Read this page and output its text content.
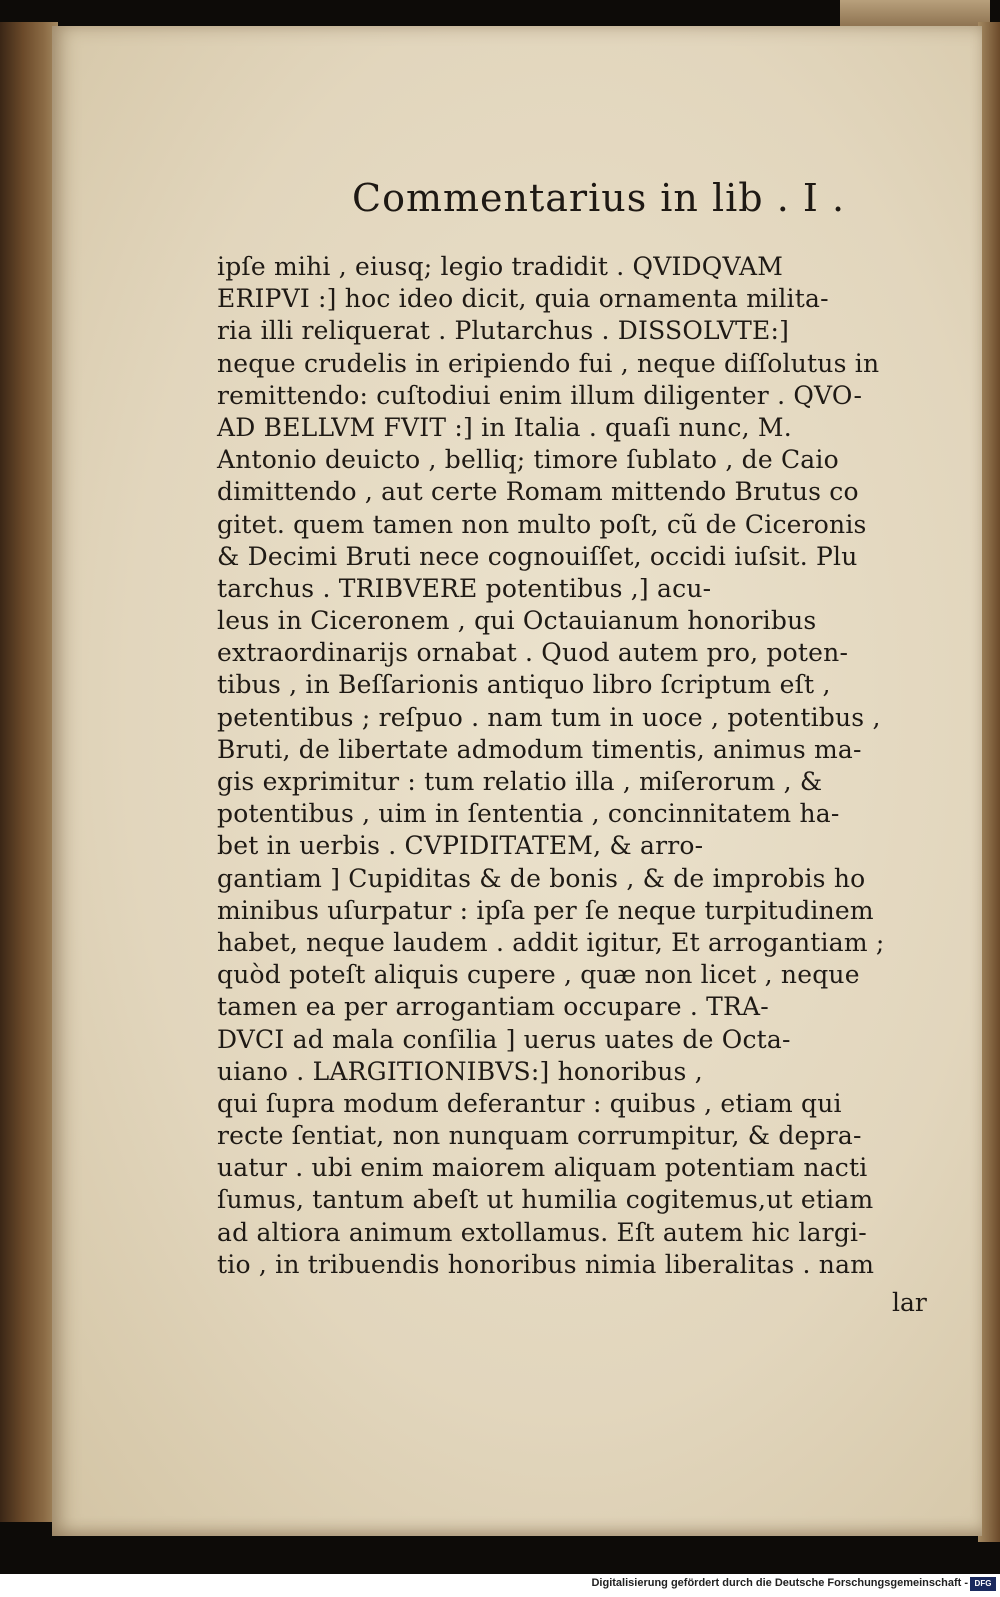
Commentarius in lib . I .
ipſe mihi , eiusq; legio tradidit . QVIDQVAM
ERIPVI :] hoc ideo dicit, quia ornamenta milita-
ria illi reliquerat . Plutarchus . DISSOLVTE:]
neque crudelis in eripiendo fui , neque diſſolutus in
remittendo: cuſtodiui enim illum diligenter . QVO-
AD BELLVM FVIT :] in Italia . quaſi nunc, M.
Antonio deuicto , belliq; timore ſublato , de Caio
dimittendo , aut certe Romam mittendo Brutus co
gitet. quem tamen non multo poſt, cũ de Ciceronis
& Decimi Bruti nece cognouiſſet, occidi iuſsit. Plu
tarchus . TRIBVERE potentibus ,] acu-
leus in Ciceronem , qui Octauianum honoribus
extraordinarijs ornabat . Quod autem pro, poten-
tibus , in Beſſarionis antiquo libro ſcriptum eſt ,
petentibus ; reſpuo . nam tum in uoce , potentibus ,
Bruti, de libertate admodum timentis, animus ma-
gis exprimitur : tum relatio illa , miſerorum , &
potentibus , uim in ſententia , concinnitatem ha-
bet in uerbis . CVPIDITATEM, & arro-
gantiam ] Cupiditas & de bonis , & de improbis ho
minibus uſurpatur : ipſa per ſe neque turpitudinem
habet, neque laudem . addit igitur, Et arrogantiam ;
quòd poteſt aliquis cupere , quæ non licet , neque
tamen ea per arrogantiam occupare . TRA-
DVCI ad mala conſilia ] uerus uates de Octa-
uiano . LARGITIONIBVS:] honoribus ,
qui ſupra modum deferantur : quibus , etiam qui
recte ſentiat, non nunquam corrumpitur, & depra-
uatur . ubi enim maiorem aliquam potentiam nacti
ſumus, tantum abeſt ut humilia cogitemus,ut etiam
ad altiora animum extollamus. Eſt autem hic largi-
tio , in tribuendis honoribus nimia liberalitas . nam
lar
Digitalisierung gefördert durch die Deutsche Forschungsgemeinschaft - DFG
